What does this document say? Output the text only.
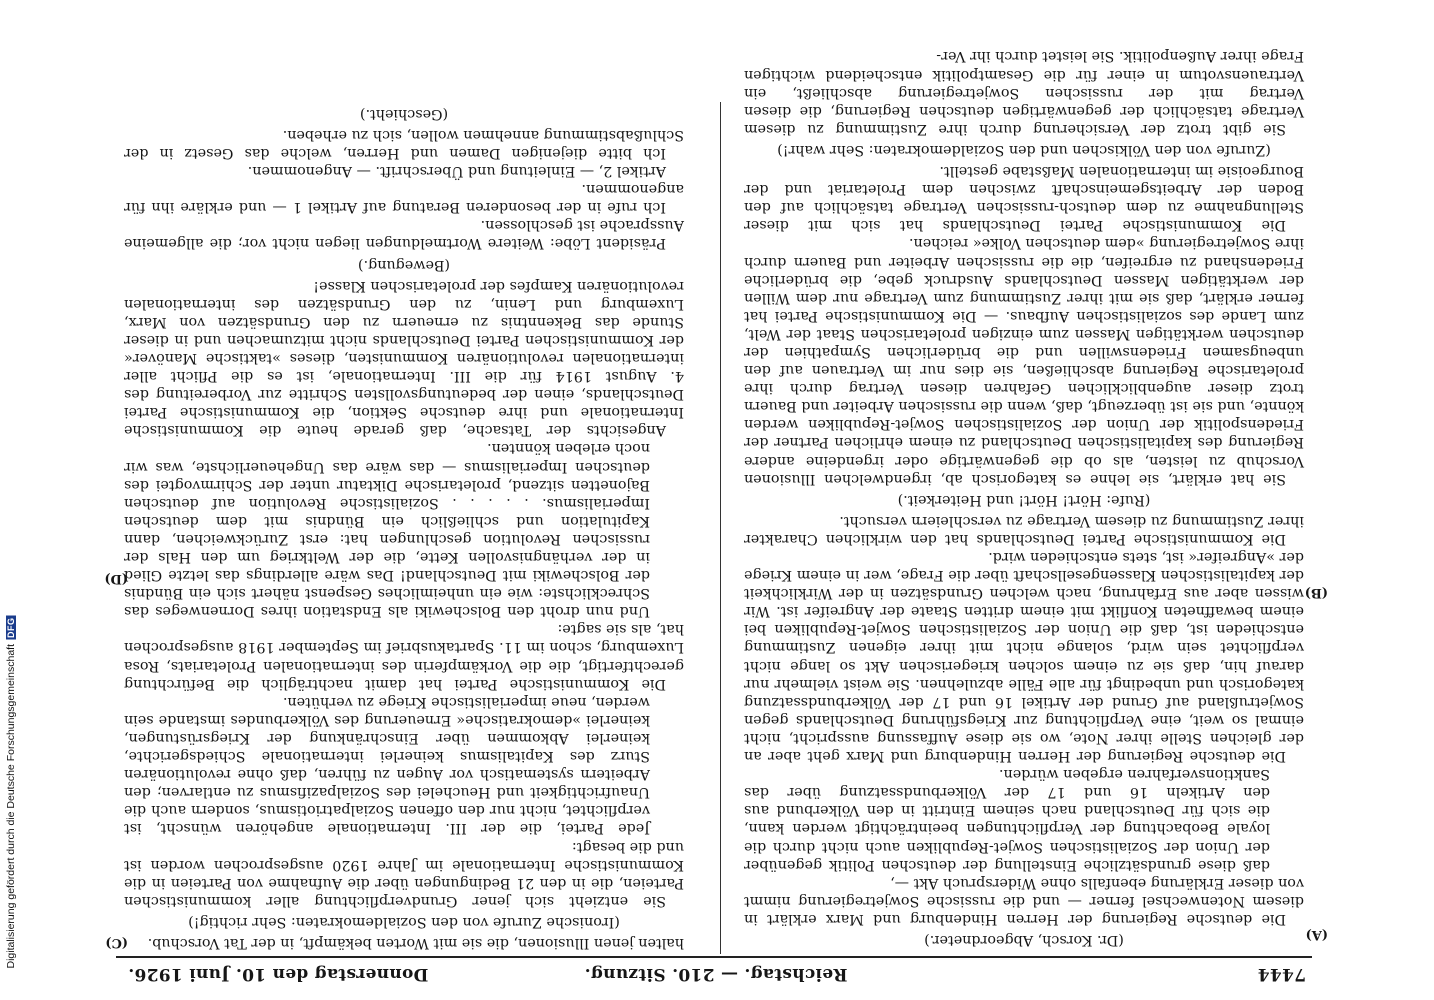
7444
Reichstag. — 210. Sitzung.
Donnerstag den 10. Juni 1926.
(A)
(B)
(C)
(D)

(Dr. Korsch, Abgeordneter.)

Die deutsche Regierung der Herren Hindenburg und Marx erklärt in diesem Notenwechsel ferner — und die russische Sowjetregierung nimmt von dieser Erklärung ebenfalls ohne Widerspruch Akt —,

daß diese grundsätzliche Einstellung der deutschen Politik gegenüber der Union der Sozialistischen Sowjet-Republiken auch nicht durch die loyale Beobachtung der Verpflichtungen beeinträchtigt werden kann, die sich für Deutschland nach seinem Eintritt in den Völkerbund aus den Artikeln 16 und 17 der Völkerbundssatzung über das Sanktionsverfahren ergeben würden.

Die deutsche Regierung der Herren Hindenburg und Marx geht aber an der gleichen Stelle ihrer Note, wo sie diese Auffassung ausspricht, nicht einmal so weit, eine Verpflichtung zur Kriegsführung Deutschlands gegen Sowjetrußland auf Grund der Artikel 16 und 17 der Völkerbundssatzung kategorisch und unbedingt für alle Fälle abzulehnen. Sie weist vielmehr nur darauf hin, daß sie zu einem solchen kriegerischen Akt so lange nicht verpflichtet sein wird, solange nicht mit ihrer eigenen Zustimmung entschieden ist, daß die Union der Sozialistischen Sowjet-Republiken bei einem bewaffneten Konflikt mit einem dritten Staate der Angreifer ist. Wir wissen aber aus Erfahrung, nach welchen Grundsätzen in der Wirklichkeit der kapitalistischen Klassengesellschaft über die Frage, wer in einem Kriege der »Angreifer« ist, stets entschieden wird.

Die Kommunistische Partei Deutschlands hat den wirklichen Charakter ihrer Zustimmung zu diesem Vertrage zu verschleiern versucht.

(Rufe: Hört! Hört! und Heiterkeit.)

Sie hat erklärt, sie lehne es kategorisch ab, irgendwelchen Illusionen Vorschub zu leisten, als ob die gegenwärtige oder irgendeine andere Regierung des kapitalistischen Deutschland zu einem ehrlichen Partner der Friedenspolitik der Union der Sozialistischen Sowjet-Republiken werden könnte, und sie ist überzeugt, daß, wenn die russischen Arbeiter und Bauern trotz dieser augenblicklichen Gefahren diesen Vertrag durch ihre proletarische Regierung abschließen, sie dies nur im Vertrauen auf den unbeugsamen Friedenswillen und die brüderlichen Sympathien der deutschen werktätigen Massen zum einzigen proletarischen Staat der Welt, zum Lande des sozialistischen Aufbaus. — Die Kommunistische Partei hat ferner erklärt, daß sie mit ihrer Zustimmung zum Vertrage nur dem Willen der werktätigen Massen Deutschlands Ausdruck gebe, die brüderliche Friedenshand zu ergreifen, die die russischen Arbeiter und Bauern durch ihre Sowjetregierung »dem deutschen Volke« reichen.

Die Kommunistische Partei Deutschlands hat sich mit dieser Stellungnahme zu dem deutsch-russischen Vertrage tatsächlich auf den Boden der Arbeitsgemeinschaft zwischen dem Proletariat und der Bourgeoisie im internationalen Maßstabe gestellt.

(Zurufe von den Völkischen und den Sozialdemokraten: Sehr wahr!)

Sie gibt trotz der Versicherung durch ihre Zustimmung zu diesem Vertrage tatsächlich der gegenwärtigen deutschen Regierung, die diesen Vertrag mit der russischen Sowjetregierung abschließt, ein Vertrauensvotum in einer für die Gesamtpolitik entscheidend wichtigen Frage ihrer Außenpolitik. Sie leistet durch ihr Ver-

halten jenen Illusionen, die sie mit Worten bekämpft, in der Tat Vorschub.

(Ironische Zurufe von den Sozialdemokraten: Sehr richtig!)

Sie entzieht sich jener Grundverpflichtung aller kommunistischen Parteien, die in den 21 Bedingungen über die Aufnahme von Parteien in die Kommunistische Internationale im Jahre 1920 ausgesprochen worden ist und die besagt:

Jede Partei, die der III. Internationale angehören wünscht, ist verpflichtet, nicht nur den offenen Sozialpatriotismus, sondern auch die Unaufrichtigkeit und Heuchelei des Sozialpazifismus zu entlarven; den Arbeitern systematisch vor Augen zu führen, daß ohne revolutionären Sturz des Kapitalismus keinerlei internationale Schiedsgerichte, keinerlei Abkommen über Einschränkung der Kriegsrüstungen, keinerlei »demokratische« Erneuerung des Völkerbundes imstande sein werden, neue imperialistische Kriege zu verhüten.

Die Kommunistische Partei hat damit nachträglich die Befürchtung gerechtfertigt, die die Vorkämpferin des internationalen Proletariats, Rosa Luxemburg, schon im 11. Spartakusbrief im September 1918 ausgesprochen hat, als sie sagte:

Und nun droht den Bolschewiki als Endstation ihres Dornenweges das Schrecklichste: wie ein unheimliches Gespenst nähert sich ein Bündnis der Bolschewiki mit Deutschland! Das wäre allerdings das letzte Glied in der verhängnisvollen Kette, die der Weltkrieg um den Hals der russischen Revolution geschlungen hat: erst Zurückweichen, dann Kapitulation und schließlich ein Bündnis mit dem deutschen Imperialismus. . . . . . Sozialistische Revolution auf deutschen Bajonetten sitzend, proletarische Diktatur unter der Schirmvogtei des deutschen Imperialismus — das wäre das Ungeheuerlichste, was wir noch erleben könnten.

Angesichts der Tatsache, daß gerade heute die Kommunistische Internationale und ihre deutsche Sektion, die Kommunistische Partei Deutschlands, einen der bedeutungsvollsten Schritte zur Vorbereitung des 4. August 1914 für die III. Internationale, ist es die Pflicht aller internationalen revolutionären Kommunisten, dieses »taktische Manöver« der Kommunistischen Partei Deutschlands nicht mitzumachen und in dieser Stunde das Bekenntnis zu erneuern zu den Grundsätzen von Marx, Luxemburg und Lenin, zu den Grundsätzen des internationalen revolutionären Kampfes der proletarischen Klasse!

(Bewegung.)

Präsident Löbe: Weitere Wortmeldungen liegen nicht vor; die allgemeine Aussprache ist geschlossen.

Ich rufe in der besonderen Beratung auf Artikel 1 — und erkläre ihn für angenommen.

Artikel 2, — Einleitung und Überschrift. — Angenommen.

Ich bitte diejenigen Damen und Herren, welche das Gesetz in der Schlußabstimmung annehmen wollen, sich zu erheben.

(Geschieht.)

Digitalisierung gefördert durch die Deutsche ForschungsgemeinschaftDFG
